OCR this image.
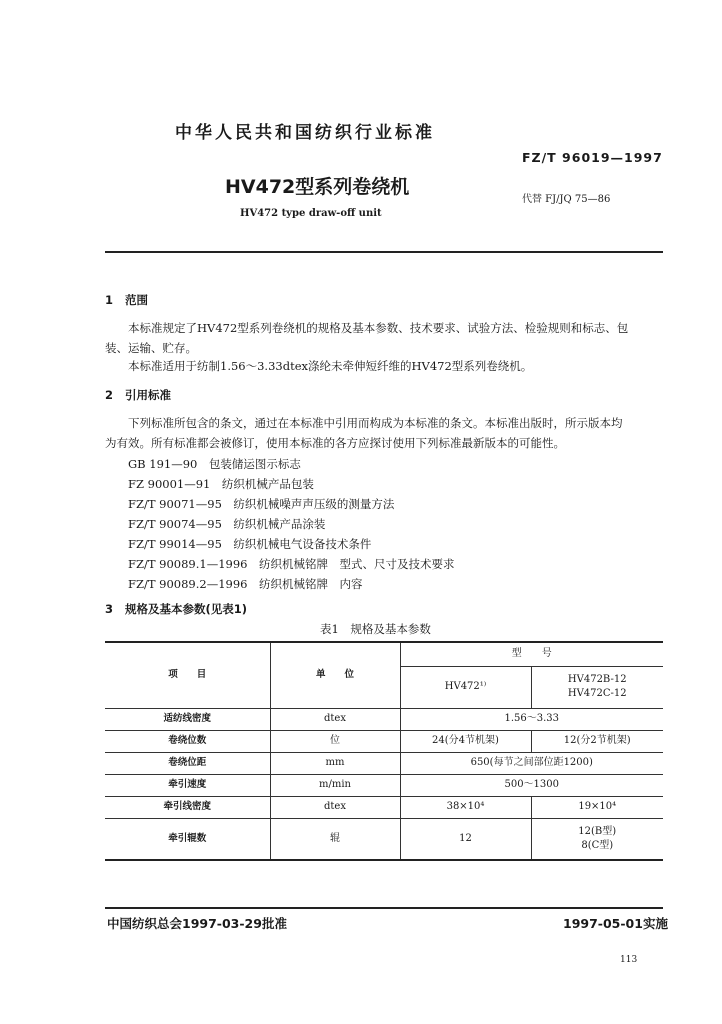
中华人民共和国纺织行业标准
FZ/T 96019—1997
HV472型系列卷绕机
代替 FJ/JQ 75—86
HV472 type draw-off unit
1 范围
本标准规定了HV472型系列卷绕机的规格及基本参数、技术要求、试验方法、检验规则和标志、包
装、运输、贮存。
本标准适用于纺制1.56～3.33dtex涤纶未牵伸短纤维的HV472型系列卷绕机。
2 引用标准
下列标准所包含的条文，通过在本标准中引用而构成为本标准的条文。本标准出版时，所示版本均
为有效。所有标准都会被修订，使用本标准的各方应探讨使用下列标准最新版本的可能性。
GB 191—90　包装储运图示标志
FZ 90001—91　纺织机械产品包装
FZ/T 90071—95　纺织机械噪声声压级的测量方法
FZ/T 90074—95　纺织机械产品涂装
FZ/T 99014—95　纺织机械电气设备技术条件
FZ/T 90089.1—1996　纺织机械铭牌　型式、尺寸及技术要求
FZ/T 90089.2—1996　纺织机械铭牌　内容
3 规格及基本参数(见表1)
表1　规格及基本参数
项　　目	单　　位	型　　号	
		HV472¹⁾	HV472B-12
HV472C-12

适纺线密度	dtex	1.56～3.33	
卷绕位数	位	24(分4节机架)	12(分2节机架)
卷绕位距	mm	650(每节之间部位距1200)	
牵引速度	m/min	500～1300	
牵引线密度	dtex	38×10⁴	19×10⁴
牵引辊数	辊	12	12(B型)
8(C型)
中国纺织总会1997-03-29批准	1997-05-01实施
113
